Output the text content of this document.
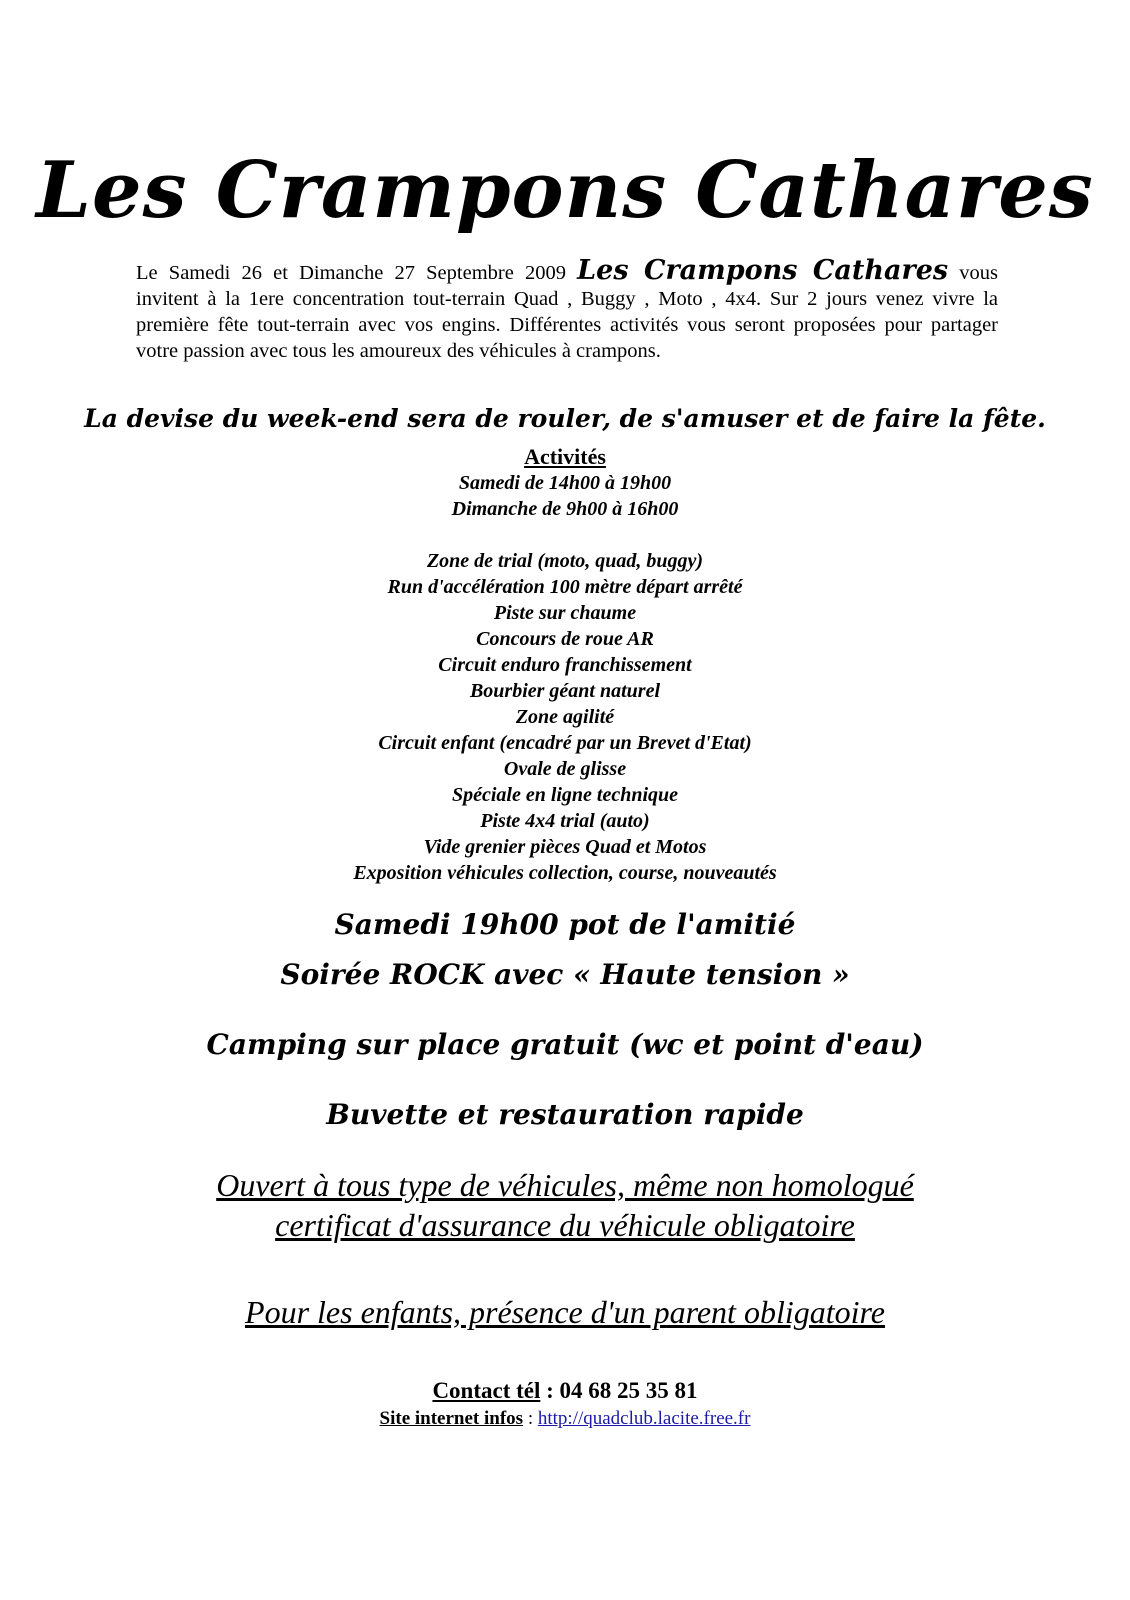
Les Crampons Cathares
Le Samedi 26 et Dimanche 27 Septembre 2009 Les Crampons Cathares vous invitent à la 1ere concentration tout-terrain Quad , Buggy , Moto , 4x4. Sur 2 jours venez vivre la première fête tout-terrain avec vos engins. Différentes activités vous seront proposées pour partager votre passion avec tous les amoureux des véhicules à crampons.
La devise du week-end sera de rouler, de s'amuser et de faire la fête.
Activités
Samedi de 14h00 à 19h00
Dimanche de 9h00 à 16h00
Zone de trial (moto, quad, buggy)
Run d'accélération 100 mètre départ arrêté
Piste sur chaume
Concours de roue AR
Circuit enduro franchissement
Bourbier géant naturel
Zone agilité
Circuit enfant (encadré par un Brevet d'Etat)
Ovale de glisse
Spéciale en ligne technique
Piste 4x4 trial (auto)
Vide grenier pièces Quad et Motos
Exposition véhicules collection, course, nouveautés
Samedi 19h00 pot de l'amitié
Soirée ROCK avec « Haute tension »
Camping sur place gratuit (wc et point d'eau)
Buvette et restauration rapide
Ouvert à tous type de véhicules, même non homologué
certificat d'assurance du véhicule obligatoire
Pour les enfants, présence d'un parent obligatoire
Contact tél : 04 68 25 35 81
Site internet infos : http://quadclub.lacite.free.fr
